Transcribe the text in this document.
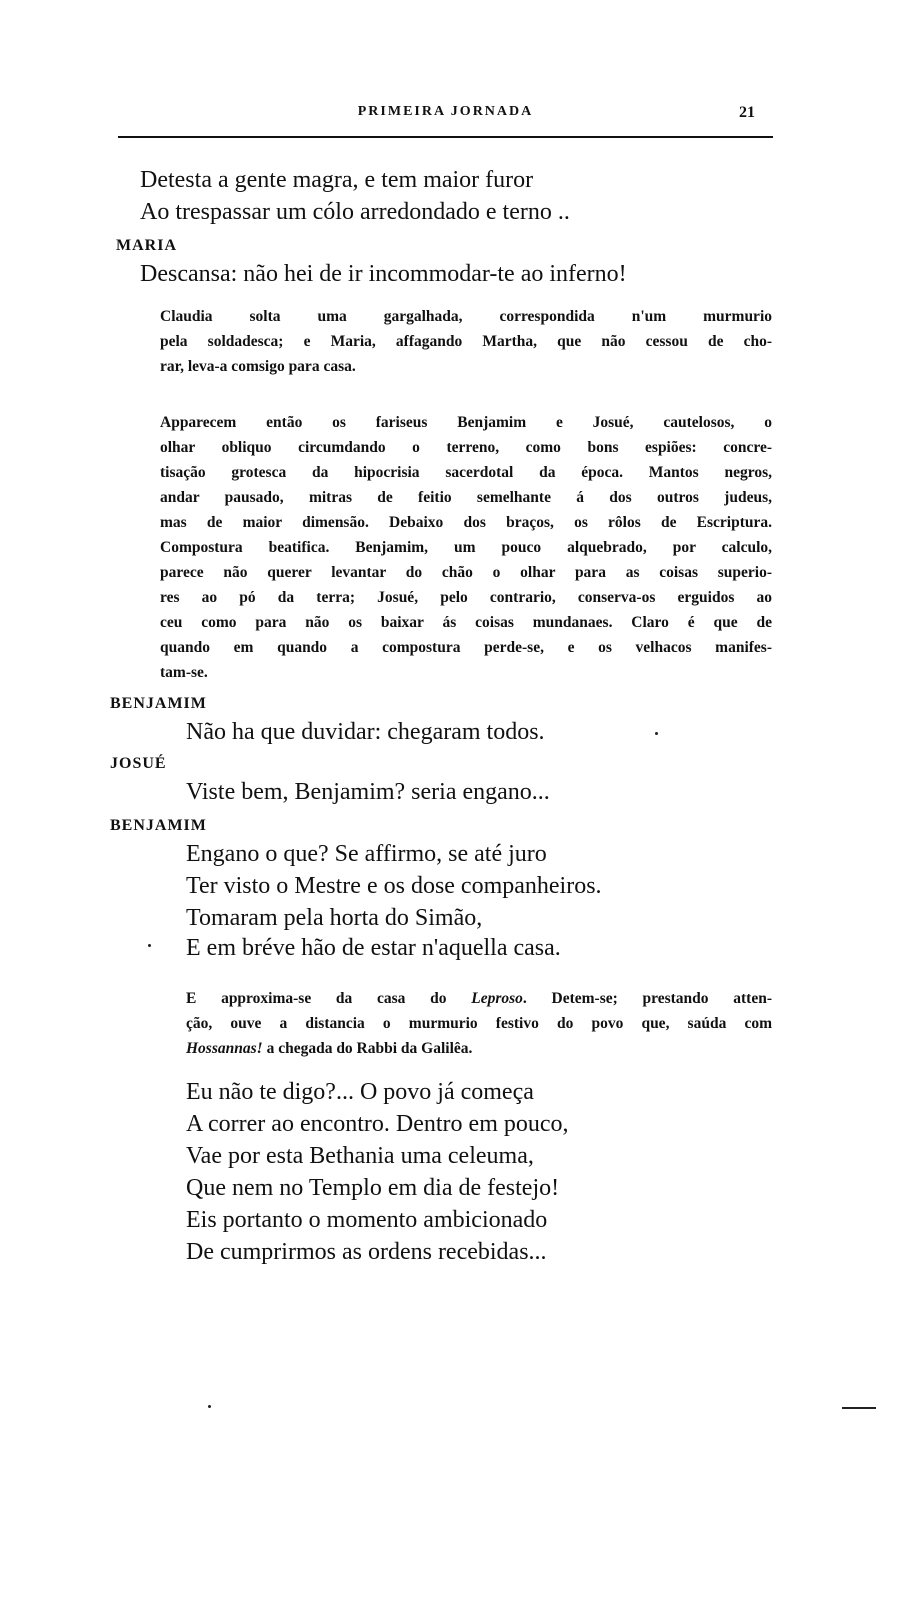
PRIMEIRA JORNADA	21
Detesta a gente magra, e tem maior furor
Ao trespassar um cólo arredondado e terno ..
MARIA
Descansa: não hei de ir incommodar-te ao inferno!
Claudia solta uma gargalhada, correspondida n'um murmurio
pela soldadesca; e Maria, affagando Martha, que não cessou de cho-
rar, leva-a comsigo para casa.
Apparecem então os fariseus Benjamim e Josué, cautelosos, o
olhar obliquo circumdando o terreno, como bons espiões: concre-
tisação grotesca da hipocrisia sacerdotal da época. Mantos negros,
andar pausado, mitras de feitio semelhante á dos outros judeus,
mas de maior dimensão. Debaixo dos braços, os rôlos de Escriptura.
Compostura beatifica. Benjamim, um pouco alquebrado, por calculo,
parece não querer levantar do chão o olhar para as coisas superio-
res ao pó da terra; Josué, pelo contrario, conserva-os erguidos ao
ceu como para não os baixar ás coisas mundanaes. Claro é que de
quando em quando a compostura perde-se, e os velhacos manifes-
tam-se.
BENJAMIM
Não ha que duvidar: chegaram todos.
JOSUÉ
Viste bem, Benjamim? seria engano...
BENJAMIM
Engano o que? Se affirmo, se até juro
Ter visto o Mestre e os dose companheiros.
Tomaram pela horta do Simão,
E em bréve hão de estar n'aquella casa.
E approxima-se da casa do Leproso. Detem-se; prestando atten-
ção, ouve a distancia o murmurio festivo do povo que, saúda com
Hossannas! a chegada do Rabbi da Galilêa.
Eu não te digo?... O povo já começa
A correr ao encontro. Dentro em pouco,
Vae por esta Bethania uma celeuma,
Que nem no Templo em dia de festejo!
Eis portanto o momento ambicionado
De cumprirmos as ordens recebidas...
